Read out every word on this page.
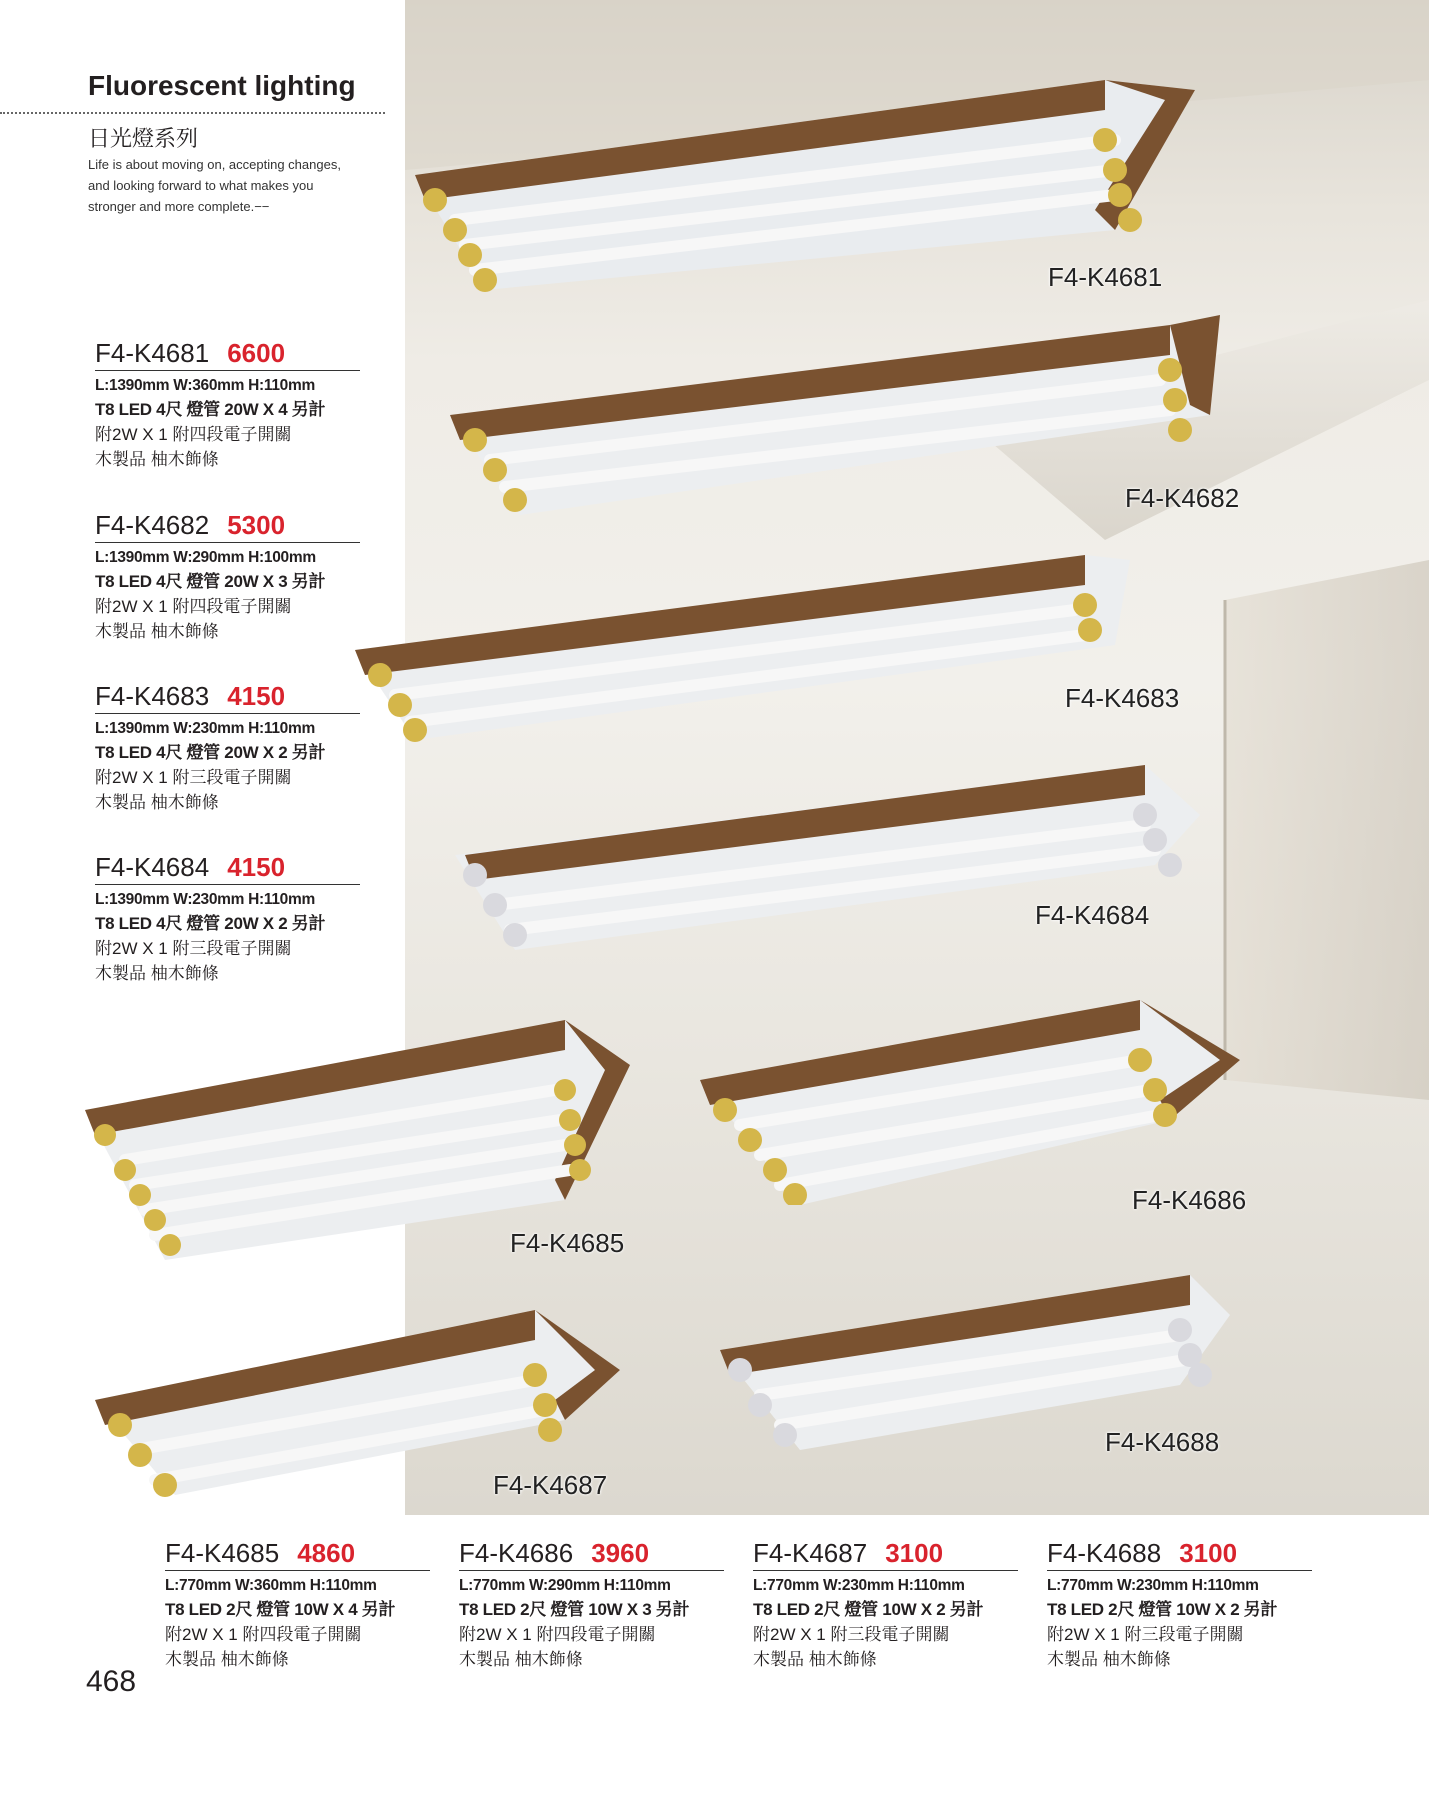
Fluorescent lighting
日光燈系列
Life is about moving on, accepting changes,
and looking forward to what makes you
stronger and more complete.−−
F4-K4681
F4-K4682
F4-K4683
F4-K4684
F4-K4685
F4-K4686
F4-K4687
F4-K4688
F4-K4681 6600
L:1390mm W:360mm H:110mm
T8 LED 4尺 燈管 20W X 4 另計
附2W X 1 附四段電子開關
木製品 柚木飾條
F4-K4682 5300
L:1390mm W:290mm H:100mm
T8 LED 4尺 燈管 20W X 3 另計
附2W X 1 附四段電子開關
木製品 柚木飾條
F4-K4683 4150
L:1390mm W:230mm H:110mm
T8 LED 4尺 燈管 20W X 2 另計
附2W X 1 附三段電子開關
木製品 柚木飾條
F4-K4684 4150
L:1390mm W:230mm H:110mm
T8 LED 4尺 燈管 20W X 2 另計
附2W X 1 附三段電子開關
木製品 柚木飾條
F4-K4685 4860
L:770mm W:360mm H:110mm
T8 LED 2尺 燈管 10W X 4 另計
附2W X 1 附四段電子開關
木製品 柚木飾條
F4-K4686 3960
L:770mm W:290mm H:110mm
T8 LED 2尺 燈管 10W X 3 另計
附2W X 1 附四段電子開關
木製品 柚木飾條
F4-K4687 3100
L:770mm W:230mm H:110mm
T8 LED 2尺 燈管 10W X 2 另計
附2W X 1 附三段電子開關
木製品 柚木飾條
F4-K4688 3100
L:770mm W:230mm H:110mm
T8 LED 2尺 燈管 10W X 2 另計
附2W X 1 附三段電子開關
木製品 柚木飾條
468
